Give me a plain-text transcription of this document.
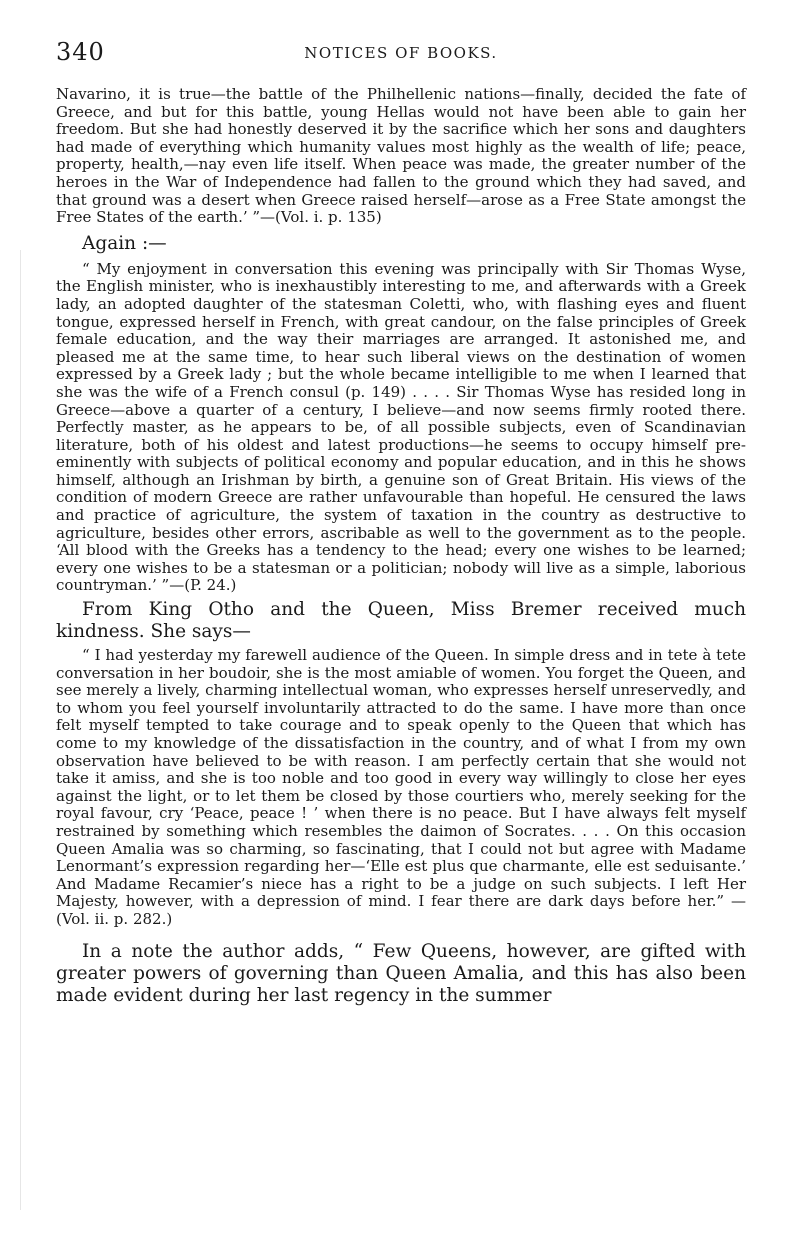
340	NOTICES OF BOOKS.

Navarino, it is true—the battle of the Philhellenic nations—finally, decided the fate of Greece, and but for this battle, young Hellas would not have been able to gain her freedom. But she had honestly deserved it by the sacrifice which her sons and daughters had made of everything which humanity values most highly as the wealth of life; peace, property, health,—nay even life itself. When peace was made, the greater number of the heroes in the War of Independence had fallen to the ground which they had saved, and that ground was a desert when Greece raised herself—arose as a Free State amongst the Free States of the earth.’ ”—(Vol. i. p. 135)

Again :—

“ My enjoyment in conversation this evening was principally with Sir Thomas Wyse, the English minister, who is inexhaustibly interesting to me, and afterwards with a Greek lady, an adopted daughter of the statesman Coletti, who, with flashing eyes and fluent tongue, expressed herself in French, with great candour, on the false principles of Greek female education, and the way their marriages are arranged. It astonished me, and pleased me at the same time, to hear such liberal views on the destination of women expressed by a Greek lady ; but the whole became intelligible to me when I learned that she was the wife of a French consul (p. 149) . . . . Sir Thomas Wyse has resided long in Greece—above a quarter of a century, I believe—and now seems firmly rooted there. Perfectly master, as he appears to be, of all possible subjects, even of Scandinavian literature, both of his oldest and latest productions—he seems to occupy himself pre-eminently with subjects of political economy and popular education, and in this he shows himself, although an Irishman by birth, a genuine son of Great Britain. His views of the condition of modern Greece are rather unfavourable than hopeful. He censured the laws and practice of agriculture, the system of taxation in the country as destructive to agriculture, besides other errors, ascribable as well to the government as to the people. ‘All blood with the Greeks has a tendency to the head; every one wishes to be learned; every one wishes to be a statesman or a politician; nobody will live as a simple, laborious countryman.’ ”—(P. 24.)

From King Otho and the Queen, Miss Bremer received much kindness. She says—

“ I had yesterday my farewell audience of the Queen. In simple dress and in tete à tete conversation in her boudoir, she is the most amiable of women. You forget the Queen, and see merely a lively, charming intellectual woman, who expresses herself unreservedly, and to whom you feel yourself involuntarily attracted to do the same. I have more than once felt myself tempted to take courage and to speak openly to the Queen that which has come to my knowledge of the dissatisfaction in the country, and of what I from my own observation have believed to be with reason. I am perfectly certain that she would not take it amiss, and she is too noble and too good in every way willingly to close her eyes against the light, or to let them be closed by those courtiers who, merely seeking for the royal favour, cry ‘Peace, peace ! ’ when there is no peace. But I have always felt myself restrained by something which resembles the daimon of Socrates. . . . On this occasion Queen Amalia was so charming, so fascinating, that I could not but agree with Madame Lenormant’s expression regarding her—‘Elle est plus que charmante, elle est seduisante.’ And Madame Recamier’s niece has a right to be a judge on such subjects. I left Her Majesty, however, with a depression of mind. I fear there are dark days before her.” —(Vol. ii. p. 282.)

In a note the author adds, “ Few Queens, however, are gifted with greater powers of governing than Queen Amalia, and this has also been made evident during her last regency in the summer
